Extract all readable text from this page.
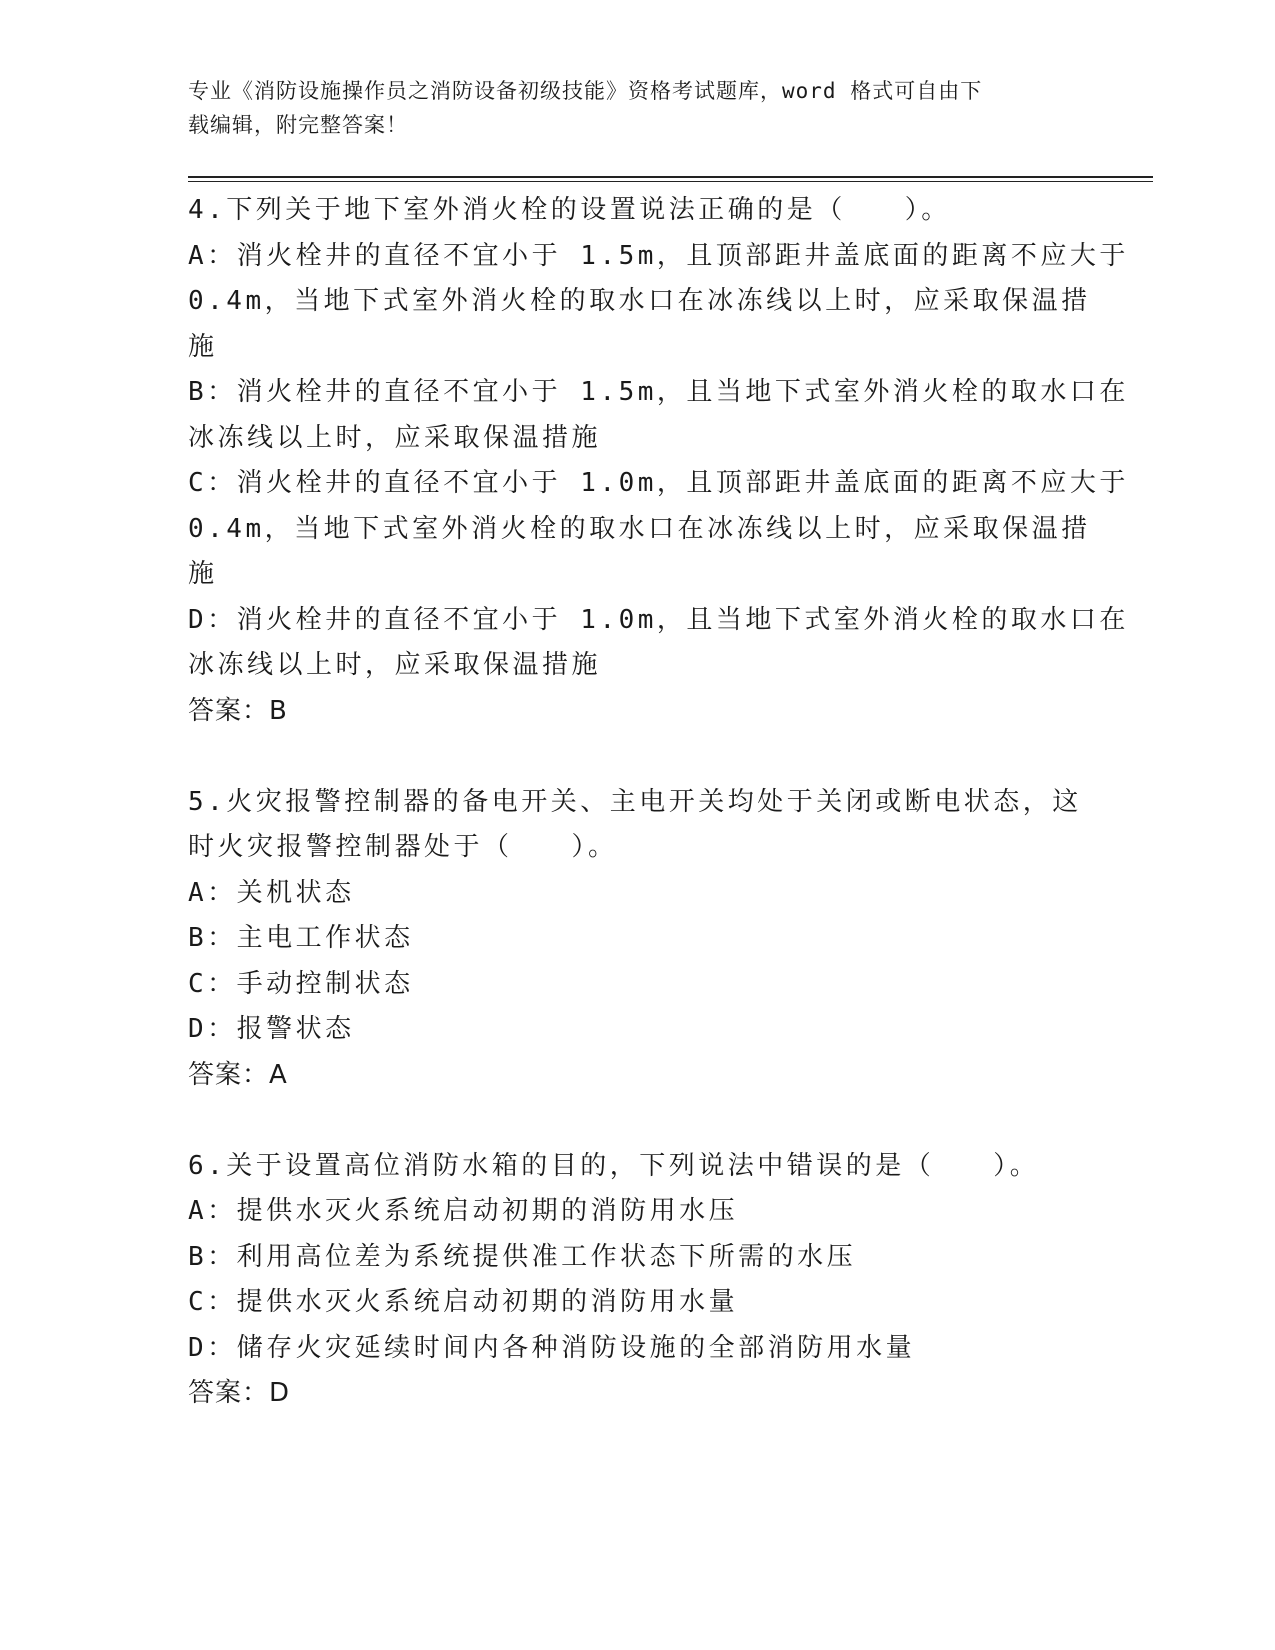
专业《消防设施操作员之消防设备初级技能》资格考试题库，word 格式可自由下
载编辑，附完整答案！
4.下列关于地下室外消火栓的设置说法正确的是（　　）。
A：消火栓井的直径不宜小于 1.5m，且顶部距井盖底面的距离不应大于
0.4m，当地下式室外消火栓的取水口在冰冻线以上时，应采取保温措
施
B：消火栓井的直径不宜小于 1.5m，且当地下式室外消火栓的取水口在
冰冻线以上时，应采取保温措施
C：消火栓井的直径不宜小于 1.0m，且顶部距井盖底面的距离不应大于
0.4m，当地下式室外消火栓的取水口在冰冻线以上时，应采取保温措
施
D：消火栓井的直径不宜小于 1.0m，且当地下式室外消火栓的取水口在
冰冻线以上时，应采取保温措施
答案：B
5.火灾报警控制器的备电开关、主电开关均处于关闭或断电状态，这
时火灾报警控制器处于（　　）。
A：关机状态
B：主电工作状态
C：手动控制状态
D：报警状态
答案：A
6.关于设置高位消防水箱的目的，下列说法中错误的是（　　）。
A：提供水灭火系统启动初期的消防用水压
B：利用高位差为系统提供准工作状态下所需的水压
C：提供水灭火系统启动初期的消防用水量
D：储存火灾延续时间内各种消防设施的全部消防用水量
答案：D
